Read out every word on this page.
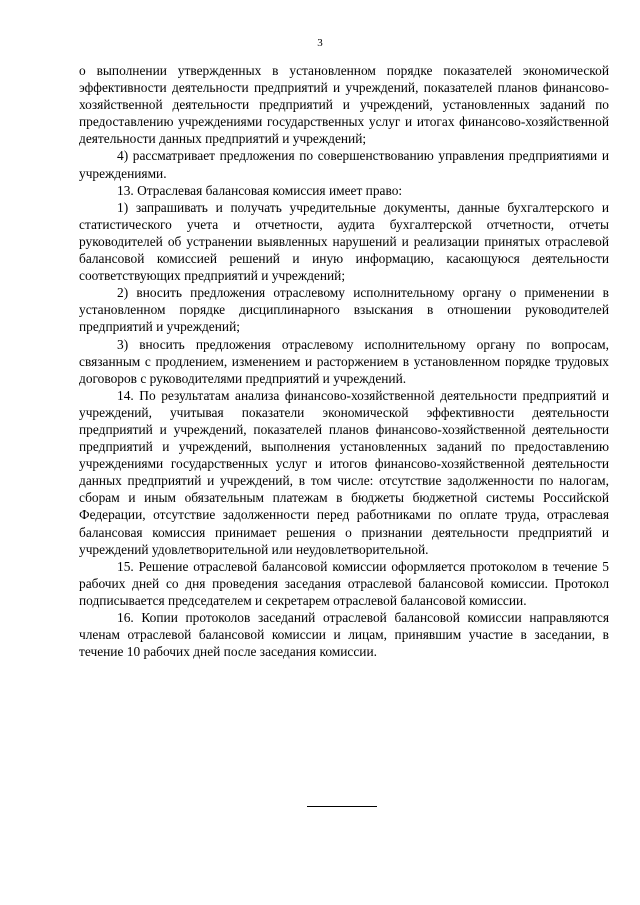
3

о выполнении утвержденных в установленном порядке показателей экономической эффективности деятельности предприятий и учреждений, показателей планов финансово-хозяйственной деятельности предприятий и учреждений, установленных заданий по предоставлению учреждениями государственных услуг и итогах финансово-хозяйственной деятельности данных предприятий и учреждений;

4) рассматривает предложения по совершенствованию управления предприятиями и учреждениями.

13. Отраслевая балансовая комиссия имеет право:

1) запрашивать и получать учредительные документы, данные бухгалтерского и статистического учета и отчетности, аудита бухгалтерской отчетности, отчеты руководителей об устранении выявленных нарушений и реализации принятых отраслевой балансовой комиссией решений и иную информацию, касающуюся деятельности соответствующих предприятий и учреждений;

2) вносить предложения отраслевому исполнительному органу о применении в установленном порядке дисциплинарного взыскания в отношении руководителей предприятий и учреждений;

3) вносить предложения отраслевому исполнительному органу по вопросам, связанным с продлением, изменением и расторжением в установленном порядке трудовых договоров с руководителями предприятий и учреждений.

14. По результатам анализа финансово-хозяйственной деятельности предприятий и учреждений, учитывая показатели экономической эффективности деятельности предприятий и учреждений, показателей планов финансово-хозяйственной деятельности предприятий и учреждений, выполнения установленных заданий по предоставлению учреждениями государственных услуг и итогов финансово-хозяйственной деятельности данных предприятий и учреждений, в том числе: отсутствие задолженности по налогам, сборам и иным обязательным платежам в бюджеты бюджетной системы Российской Федерации, отсутствие задолженности перед работниками по оплате труда, отраслевая балансовая комиссия принимает решения о признании деятельности предприятий и учреждений удовлетворительной или неудовлетворительной.

15. Решение отраслевой балансовой комиссии оформляется протоколом в течение 5 рабочих дней со дня проведения заседания отраслевой балансовой комиссии. Протокол подписывается председателем и секретарем отраслевой балансовой комиссии.

16. Копии протоколов заседаний отраслевой балансовой комиссии направляются членам отраслевой балансовой комиссии и лицам, принявшим участие в заседании, в течение 10 рабочих дней после заседания комиссии.
